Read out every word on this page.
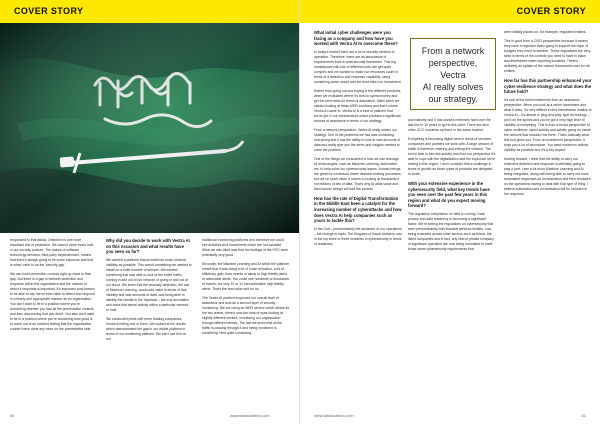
COVER STORY

responded to that attack. Detection is one more important line of protection. We cannot close every hole in our security posture. The nature of software technology services, third-party dependencies, means that there's always going to be some exposure and that is what I refer to as the 'security gap'.

We can build prevention controls right up close to that gap. But there is a gap in between detection and response within the organisation and the manner in which it responds is important. It's important post-breach to be able to say 'we've been able to detect and respond in a timely and appropriate manner as an organisation'. You don't want to be in a position where you're wondering whether you had all the preventative controls and then discovering that you didn't. You also don't want to be in a position where you're wondering how good is to come out of an incident feeling that the organisation couldn't have done any more on the preventative side.

Why did you decide to work with Vectra AI on this occasion and what results have you seen so far?

We wanted a platform that provided as much network visibility as possible. This wasn't something we wanted to install on a finite number of servers. We wanted something that was able to look at the entire traffic coming in and out of our network or going in and out of our cloud. We knew that the anomaly detection, the use of Machine Learning, would add value in terms of that visibility and vast amounts of data, and being able to identify the needle in the haystack – the true anomalies and bona-fide lateral activity within a particular network or host.

We conducted pilots with three leading companies, Vectra AI being one of them. We looked at the results which demonstrated the gap in our visible platform in terms of our monitoring platform. We can't use this on our

traditional monitoring platforms and therefore we could see activities and movements which are not valuable. What we also liked was that the findings of the POC were potentially very good.

Secondly, the Machine Learning and AI within the platform meant that it was doing a lot of noise reduction, a lot of efficiency gain, from events or alerts to high fidelity alerts or actionable alerts. You could see hundreds of thousands of events, but only 10 or 12 had actionable high fidelity alerts. That's the real value add for us.

The Vectra AI platform improves our overall level of assurance and acts as a second layer of security monitoring. We are using an MDR service which allows for the two teams; there's now two sets of eyes looking at slightly different vectors, monitoring our organisation through different lenses. The fact we know that all the traffic is passing through it and being monitored is something I find quite comforting.

60	www.tahawultech.com
COVER STORY
What initial cyber challenges were you facing as a company and how have you worked with Vectra AI to overcome these?

In today's market there are a lot of security vendors in operation. Therefore, there are an abundance of requirements from a cybersecurity framework. This big marketplace with lots of different tools can get quite complex and we wanted to make our resources count in terms of a detection and response capability, using something which would add the best return on investment.

Rather than going out and buying a few different products, when we evaluated where it's best to spend money and get the best return in terms of assurance, that's when we started looking at these MDR solutions and that's where Vectra AI came in. Vectra AI is a kind of platform that we've got in our infrastructure which provides a significant amount of assurance in terms of our strategy.

From a network perspective, Vectra AI really solves our strategy. One of the problems we had was monitoring everything and it has the ability to look at vast amounts of data and really give you the alerts and insights needed to solve the problem.

One of the things we considered is how we can leverage AI technologies, such as Machine Learning, automation etc, to help solve our cybersecurity issues. Human beings are great for contextual driven decision making processes, but not so much when it comes to looking at thousands if not millions of bits of data. That's why AI adds value and then human beings will add the context.

How has the rate of Digital Transformation in the Middle East been a catalyst for the increasing number of cyberattacks and how does Vectra AI help companies such as yours to tackle this?

In the Gulf – predominantly the epicentre of our operations – the change is rapid. The Kingdom of Saudi Arabia is now in the top three or three countries in cybersecurity in terms of readiness

and maturity and it has worked extremely hard over the last five to 10 years to get to this point. There are also other GCC countries up there in the same bracket.

Everything is becoming digital here in terms of services, companies and partners we work with. A large amount of traffic is therefore entering and exiting the network. The tool is able to see this activity and from our perspective it's able to cope with the digitalisation and the explosion we're seeing in this region. I don't consider that a challenge in terms of growth as those types of products are designed to scale.

With your extensive experience in the cybersecurity field, what key trends have you seen over the past few years in this region and what do you expect moving forward?

The regulatory compliance on data is coming. Data privacy and data residency is becoming a significant factor. We're seeing the regulations on cybersecurity that were predominantly with financial services entities, now being extended across other sectors such as telcos, the listed companies and in fact, any kind of private company of significant operation are now being mandated to meet those same cybersecurity requirements that

were initially placed on, for example, regulated entities.

This is good from a CISO perspective because it means they have a regulator that's going to support the hope of budgets they need to achieve. These regulations are very strict in terms of the controls you need to have in place and timeframes when reporting incidents. There's definitely an uptake of the mature frameworks over for all entities.

How far has this partnership enhanced your cyber-resilience strategy and what does the future hold?

It's one of the best investments from an assurance perspective. When you look at a return investment and what it does, it's very difficult to find investments relative to Vectra AI – it's almost a 'plug-and-play' type technology – put it on the spines and you've got a very high level of visibility of everything. This is from a broad perspective of cyber resilience, latent activity and activity going on inside the network that shouldn't be there. That's basically what this tool gives you. From an investment perspective, it buys you a lot of assurance. You need maximum activity visibility as possible and it's a key aspect.

Moving forward, I think that the ability to carry out extended detection and response is definitely going to play a part. I see a lot more Machine Learning and AI being integrated, along with being able to carry out more automated responses as orchestration and then emulates on the operations having to deal with that type of thing. I believe automation and orchestration will be included in the response.

www.tahawultech.com	61
From a network
perspective, Vectra
AI really solves
our strategy.
